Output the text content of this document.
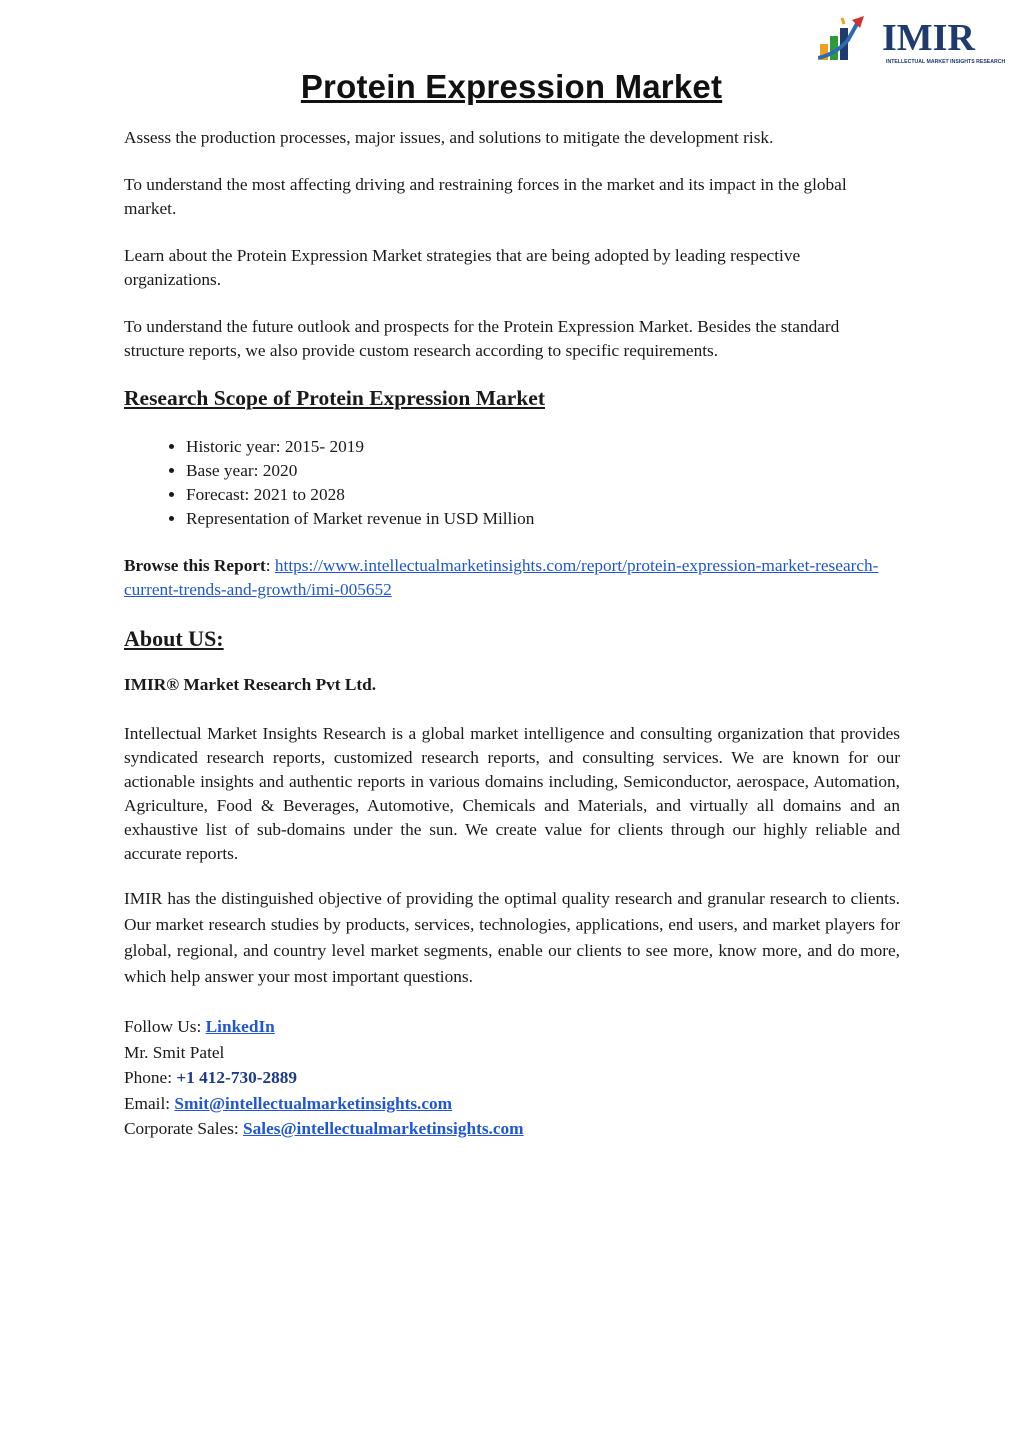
IMIR
INTELLECTUAL MARKET INSIGHTS RESEARCH
Protein Expression Market

Assess the production processes, major issues, and solutions to mitigate the development risk.

To understand the most affecting driving and restraining forces in the market and its impact in the global market.

Learn about the Protein Expression Market strategies that are being adopted by leading respective organizations.

To understand the future outlook and prospects for the Protein Expression Market. Besides the standard structure reports, we also provide custom research according to specific requirements.

Research Scope of Protein Expression Market
• Historic year: 2015- 2019
• Base year: 2020
• Forecast: 2021 to 2028
• Representation of Market revenue in USD Million

Browse this Report: https://www.intellectualmarketinsights.com/report/protein-expression-market-research-current-trends-and-growth/imi-005652

About US:

IMIR® Market Research Pvt Ltd.

Intellectual Market Insights Research is a global market intelligence and consulting organization that provides syndicated research reports, customized research reports, and consulting services. We are known for our actionable insights and authentic reports in various domains including, Semiconductor, aerospace, Automation, Agriculture, Food & Beverages, Automotive, Chemicals and Materials, and virtually all domains and an exhaustive list of sub-domains under the sun. We create value for clients through our highly reliable and accurate reports.

IMIR has the distinguished objective of providing the optimal quality research and granular research to clients. Our market research studies by products, services, technologies, applications, end users, and market players for global, regional, and country level market segments, enable our clients to see more, know more, and do more, which help answer your most important questions.

Follow Us: LinkedIn

Mr. Smit Patel

Phone: +1 412-730-2889

Email: Smit@intellectualmarketinsights.com

Corporate Sales: Sales@intellectualmarketinsights.com
